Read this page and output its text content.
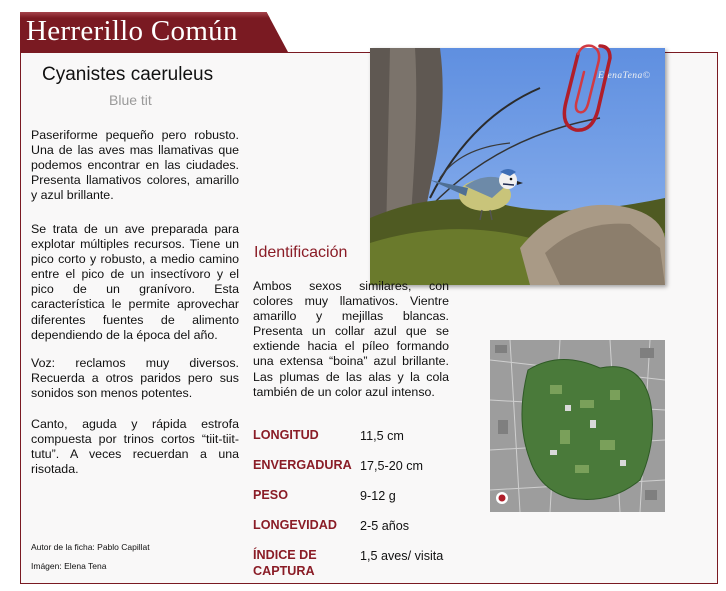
Herrerillo Común
Cyanistes caeruleus
Blue tit
Paseriforme pequeño pero robusto. Una de las aves mas llamativas que podemos encontrar en las ciudades. Presenta llamativos colores, amarillo y azul brillante.
Se trata de un ave preparada para explotar múltiples recursos. Tiene un pico corto y robusto, a medio camino entre el pico de un insectívoro y el pico de un granívoro. Esta característica le permite aprovechar diferentes fuentes de alimento dependiendo de la época del año.
Voz: reclamos muy diversos. Recuerda a otros paridos pero sus sonidos son menos potentes.
Canto, aguda y rápida estrofa compuesta por trinos cortos “tiit-tiit-tutu”. A veces recuerdan a una risotada.
Autor de la ficha: Pablo Capillat
Imágen: Elena Tena
ElenaTena©
Identificación
Ambos sexos similares, con colores muy llamativos. Vientre amarillo y mejillas blancas. Presenta un collar azul que se extiende hacia el píleo formando una extensa “boina” azul brillante. Las plumas de las alas y la cola también de un color azul intenso.
LONGITUD	11,5 cm
ENVERGADURA 17,5-20 cm
PESO	9-12 g
LONGEVIDAD 2-5 años
ÍNDICE DE CAPTURA
1,5 aves/ visita
